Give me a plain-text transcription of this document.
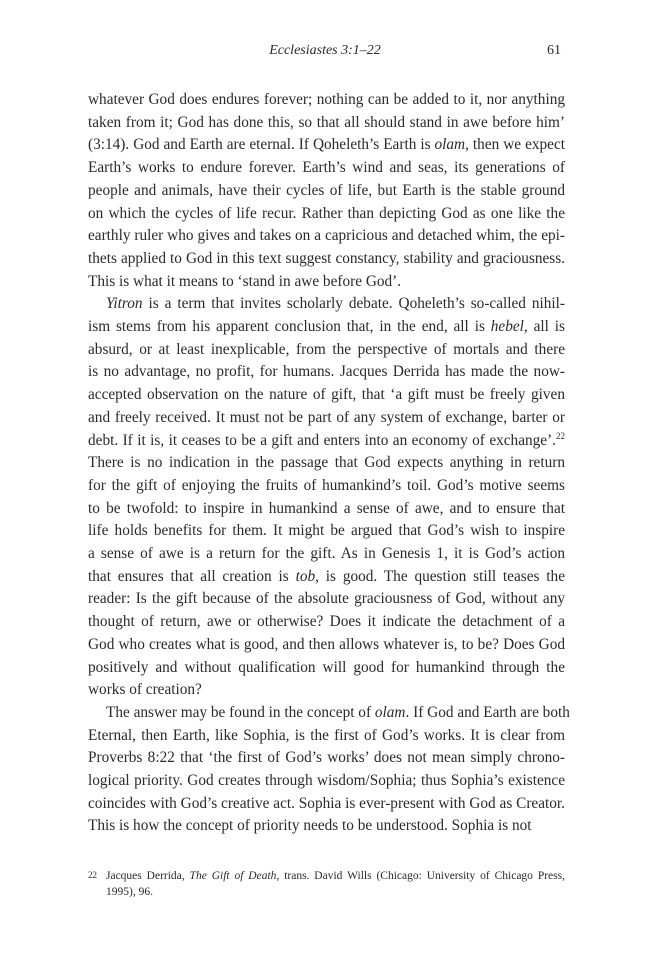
Ecclesiastes 3:1–22	61
whatever God does endures forever; nothing can be added to it, nor anything
taken from it; God has done this, so that all should stand in awe before him’
(3:14). God and Earth are eternal. If Qoheleth’s Earth is olam, then we expect
Earth’s works to endure forever. Earth’s wind and seas, its generations of
people and animals, have their cycles of life, but Earth is the stable ground
on which the cycles of life recur. Rather than depicting God as one like the
earthly ruler who gives and takes on a capricious and detached whim, the epi-
thets applied to God in this text suggest constancy, stability and graciousness.
This is what it means to ‘stand in awe before God’.
Yitron is a term that invites scholarly debate. Qoheleth’s so-called nihil-
ism stems from his apparent conclusion that, in the end, all is hebel, all is
absurd, or at least inexplicable, from the perspective of mortals and there
is no advantage, no profit, for humans. Jacques Derrida has made the now-
accepted observation on the nature of gift, that ‘a gift must be freely given
and freely received. It must not be part of any system of exchange, barter or
debt. If it is, it ceases to be a gift and enters into an economy of exchange’.$^{22}$
There is no indication in the passage that God expects anything in return
for the gift of enjoying the fruits of humankind’s toil. God’s motive seems
to be twofold: to inspire in humankind a sense of awe, and to ensure that
life holds benefits for them. It might be argued that God’s wish to inspire
a sense of awe is a return for the gift. As in Genesis 1, it is God’s action
that ensures that all creation is tob, is good. The question still teases the
reader: Is the gift because of the absolute graciousness of God, without any
thought of return, awe or otherwise? Does it indicate the detachment of a
God who creates what is good, and then allows whatever is, to be? Does God
positively and without qualification will good for humankind through the
works of creation?
The answer may be found in the concept of olam. If God and Earth are both
Eternal, then Earth, like Sophia, is the first of God’s works. It is clear from
Proverbs 8:22 that ‘the first of God’s works’ does not mean simply chrono-
logical priority. God creates through wisdom/Sophia; thus Sophia’s existence
coincides with God’s creative act. Sophia is ever-present with God as Creator.
This is how the concept of priority needs to be understood. Sophia is not
22 Jacques Derrida, The Gift of Death, trans. David Wills (Chicago: University of Chicago Press,
1995), 96.
